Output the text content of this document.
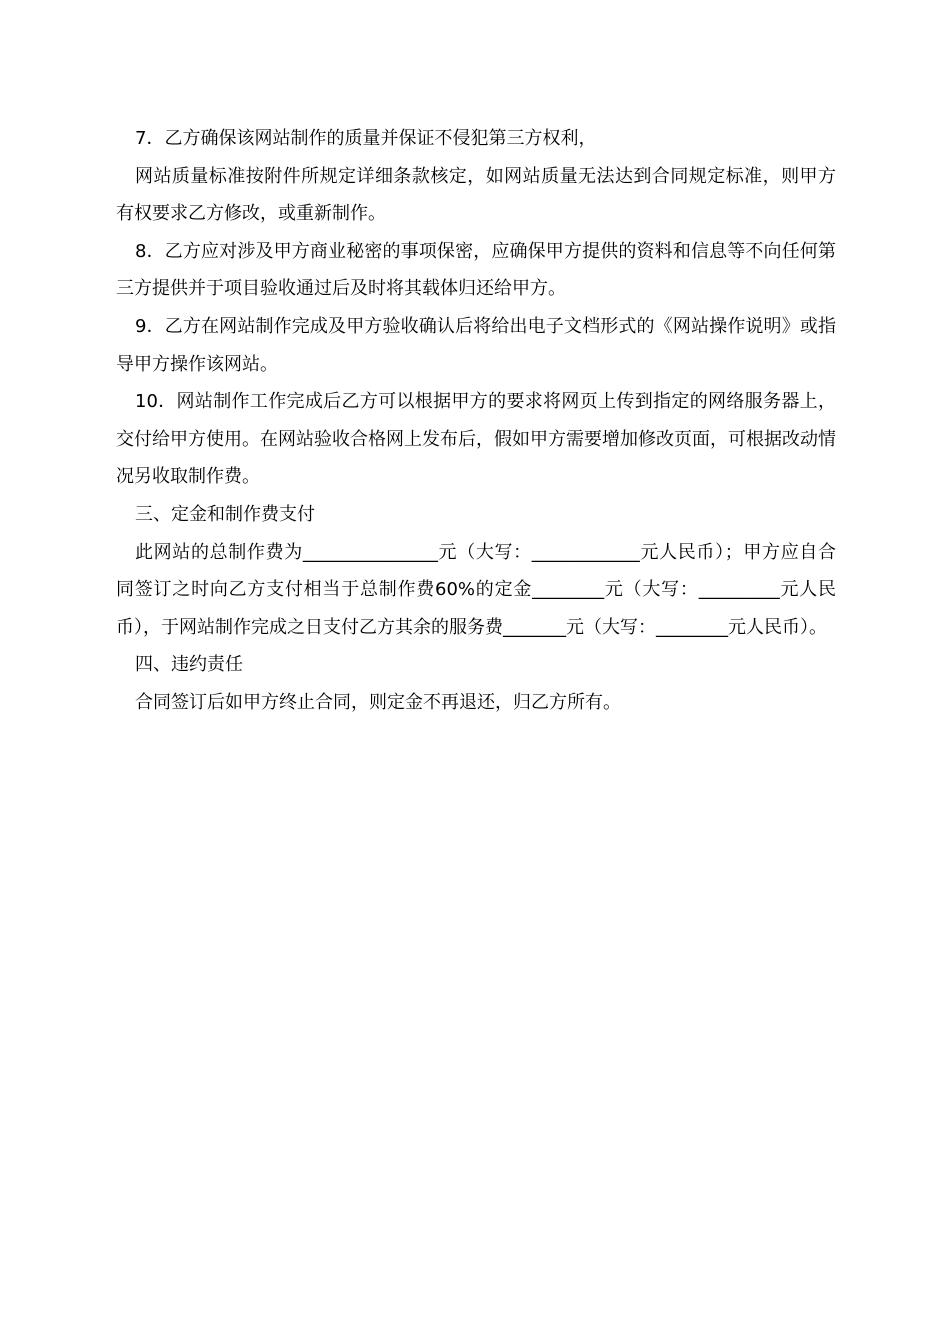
7．乙方确保该网站制作的质量并保证不侵犯第三方权利，

网站质量标准按附件所规定详细条款核定，如网站质量无法达到合同规定标准，则甲方有权要求乙方修改，或重新制作。

8．乙方应对涉及甲方商业秘密的事项保密，应确保甲方提供的资料和信息等不向任何第三方提供并于项目验收通过后及时将其载体归还给甲方。

9．乙方在网站制作完成及甲方验收确认后将给出电子文档形式的《网站操作说明》或指导甲方操作该网站。

10．网站制作工作完成后乙方可以根据甲方的要求将网页上传到指定的网络服务器上，交付给甲方使用。在网站验收合格网上发布后，假如甲方需要增加修改页面，可根据改动情况另收取制作费。

三、定金和制作费支付

此网站的总制作费为_______________元（大写：____________元人民币）；甲方应自合同签订之时向乙方支付相当于总制作费60%的定金________元（大写：_________元人民币），于网站制作完成之日支付乙方其余的服务费_______元（大写：________元人民币）。

四、违约责任

合同签订后如甲方终止合同，则定金不再退还，归乙方所有。
